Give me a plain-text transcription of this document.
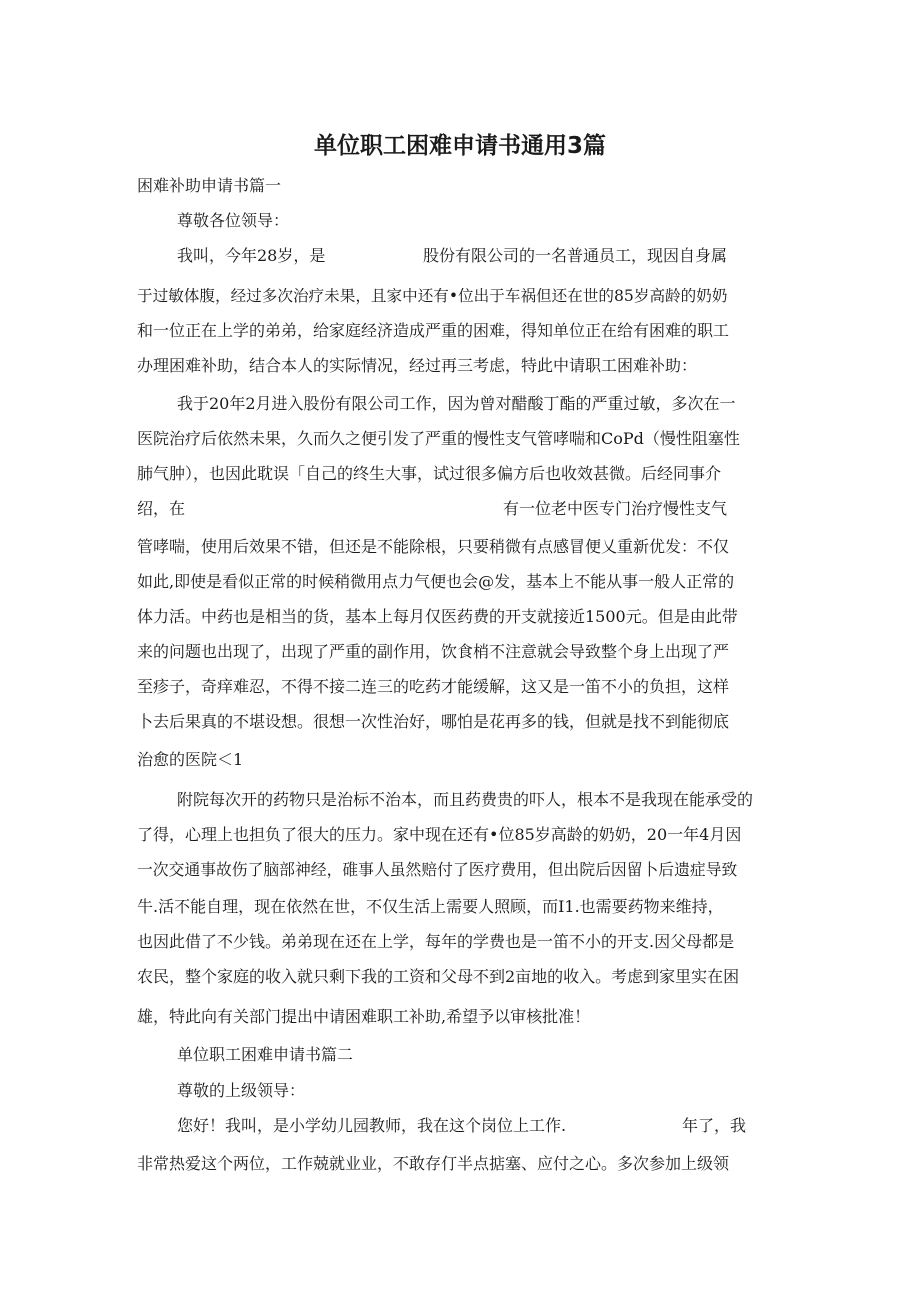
单位职工困难申请书通用3篇

困难补助申请书篇一

尊敬各位领导：

我叫，今年28岁，是	股份有限公司的一名普通员工，现因自身属

于过敏体腹，经过多次治疗未果，且家中还有•位出于车祸但还在世的85岁高龄的奶奶

和一位正在上学的弟弟，给家庭经济造成严重的困难，得知单位正在给有困难的职工

办理困难补助，结合本人的实际情况，经过再三考虑，特此中请职工困难补助：

我于20年2月进入股份有限公司工作，因为曾对醋酸丁酯的严重过敏，多次在一

医院治疗后依然未果，久而久之便引发了严重的慢性支气管哮喘和CoPd（慢性阻塞性

肺气肿），也因此耽误「自己的终生大事，试过很多偏方后也收效甚微。后经同事介

绍，在	有一位老中医专门治疗慢性支气

管哮喘，使用后效果不错，但还是不能除根，只要稍微有点感冒便乂重新优发：不仅

如此,即使是看似正常的时候稍微用点力气便也会@发，基本上不能从事一般人正常的

体力活。中药也是相当的货，基本上每月仅医药费的开支就接近1500元。但是由此带

来的问题也出现了，出现了严重的副作用，饮食梢不注意就会导致整个身上出现了严

至疹子，奇痒难忍，不得不接二连三的吃药才能缓解，这又是一笛不小的负担，这样

卜去后果真的不堪设想。很想一次性治好，哪怕是花再多的钱，但就是找不到能彻底

治愈的医院＜1

附院每次开的药物只是治标不治本，而且药费贵的吓人，根本不是我现在能承受的

了得，心理上也担负了很大的压力。家中现在还有•位85岁高龄的奶奶，20一年4月因

一次交通事故伤了脑部神经，碓事人虽然赔付了医疗费用，但出院后因留卜后遗症导致

牛.活不能自理，现在依然在世，不仅生活上需要人照顾，而I1.也需要药物来维持，

也因此借了不少钱。弟弟现在还在上学，每年的学费也是一笛不小的开支.因父母都是

农民，整个家庭的收入就只剩下我的工资和父母不到2亩地的收入。考虑到家里实在困

雄，特此向有关部门提出中请困难职工补助,希望予以审核批准！

单位职工困难申请书篇二

尊敬的上级领导：

您好！我叫，是小学幼儿园教师，我在这个岗位上工作.	年了，我

非常热爱这个两位，工作兢就业业，不敢存仃半点掂塞、应付之心。多次参加上级领
